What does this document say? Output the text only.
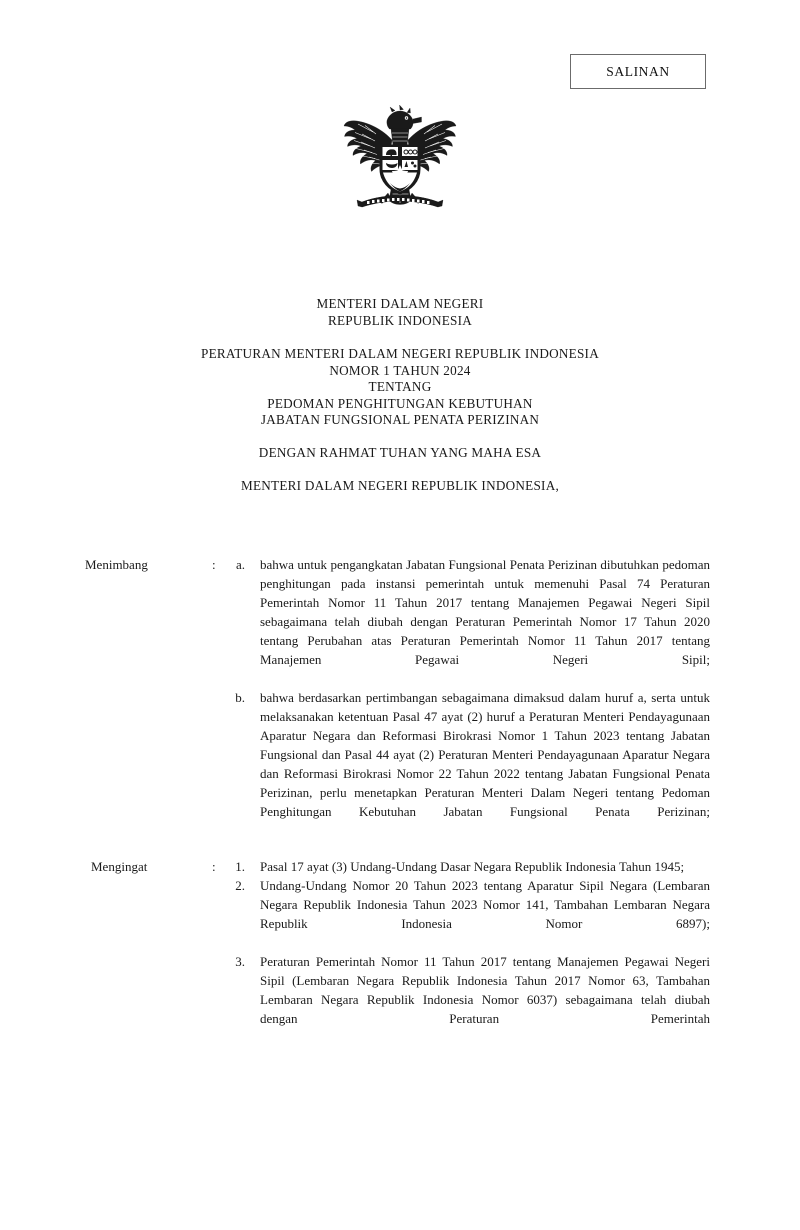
SALINAN
MENTERI DALAM NEGERI
REPUBLIK INDONESIA
PERATURAN MENTERI DALAM NEGERI REPUBLIK INDONESIA
NOMOR 1 TAHUN 2024
TENTANG
PEDOMAN PENGHITUNGAN KEBUTUHAN
JABATAN FUNGSIONAL PENATA PERIZINAN
DENGAN RAHMAT TUHAN YANG MAHA ESA
MENTERI DALAM NEGERI REPUBLIK INDONESIA,
Menimbang	:	a. bahwa untuk pengangkatan Jabatan Fungsional Penata Perizinan dibutuhkan pedoman penghitungan pada instansi pemerintah untuk memenuhi Pasal 74 Peraturan Pemerintah Nomor 11 Tahun 2017 tentang Manajemen Pegawai Negeri Sipil sebagaimana telah diubah dengan Peraturan Pemerintah Nomor 17 Tahun 2020 tentang Perubahan atas Peraturan Pemerintah Nomor 11 Tahun 2017 tentang Manajemen Pegawai Negeri Sipil;
b. bahwa berdasarkan pertimbangan sebagaimana dimaksud dalam huruf a, serta untuk melaksanakan ketentuan Pasal 47 ayat (2) huruf a Peraturan Menteri Pendayagunaan Aparatur Negara dan Reformasi Birokrasi Nomor 1 Tahun 2023 tentang Jabatan Fungsional dan Pasal 44 ayat (2) Peraturan Menteri Pendayagunaan Aparatur Negara dan Reformasi Birokrasi Nomor 22 Tahun 2022 tentang Jabatan Fungsional Penata Perizinan, perlu menetapkan Peraturan Menteri Dalam Negeri tentang Pedoman Penghitungan Kebutuhan Jabatan Fungsional Penata Perizinan;
Mengingat	:	1. Pasal 17 ayat (3) Undang-Undang Dasar Negara Republik Indonesia Tahun 1945;
2. Undang-Undang Nomor 20 Tahun 2023 tentang Aparatur Sipil Negara (Lembaran Negara Republik Indonesia Tahun 2023 Nomor 141, Tambahan Lembaran Negara Republik Indonesia Nomor 6897);
3. Peraturan Pemerintah Nomor 11 Tahun 2017 tentang Manajemen Pegawai Negeri Sipil (Lembaran Negara Republik Indonesia Tahun 2017 Nomor 63, Tambahan Lembaran Negara Republik Indonesia Nomor 6037) sebagaimana telah diubah dengan Peraturan Pemerintah
